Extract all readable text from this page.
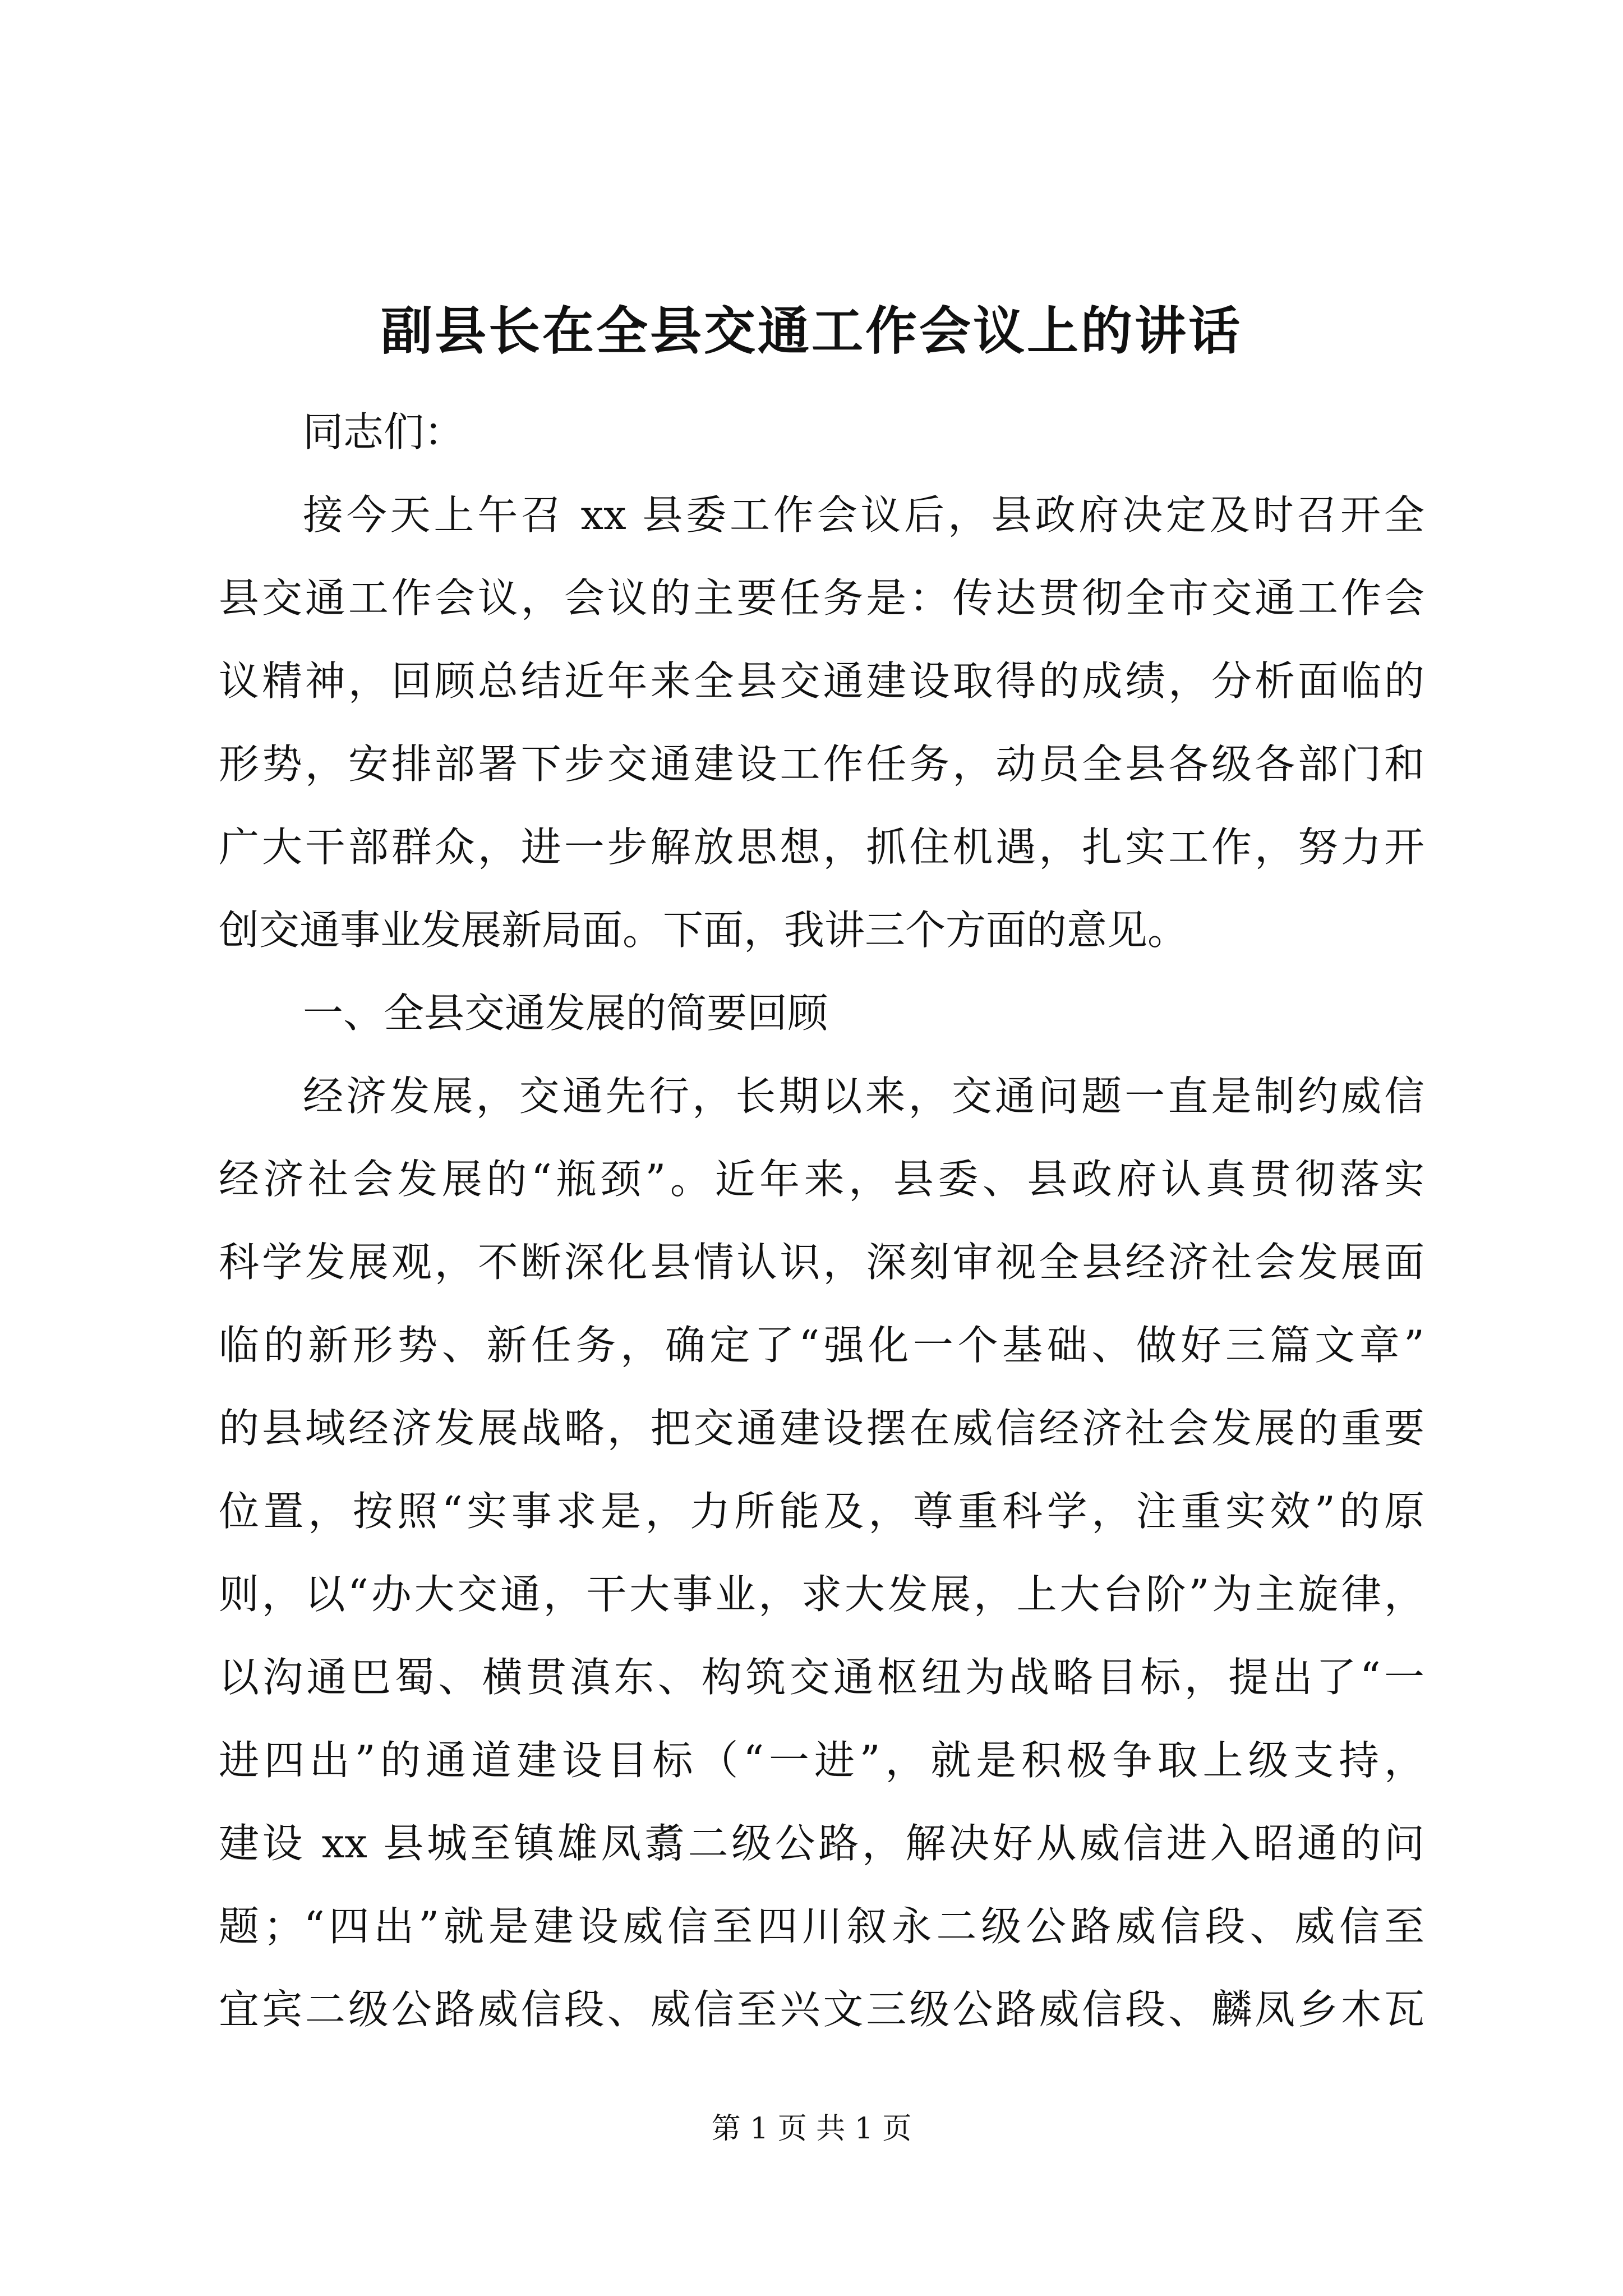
副县长在全县交通工作会议上的讲话
同志们：
接今天上午召 xx 县委工作会议后，县政府决定及时召开全
县交通工作会议，会议的主要任务是：传达贯彻全市交通工作会
议精神，回顾总结近年来全县交通建设取得的成绩，分析面临的
形势，安排部署下步交通建设工作任务，动员全县各级各部门和
广大干部群众，进一步解放思想，抓住机遇，扎实工作，努力开
创交通事业发展新局面。下面，我讲三个方面的意见。
一、全县交通发展的简要回顾
经济发展，交通先行，长期以来，交通问题一直是制约威信
经济社会发展的“瓶颈”。近年来，县委、县政府认真贯彻落实
科学发展观，不断深化县情认识，深刻审视全县经济社会发展面
临的新形势、新任务，确定了“强化一个基础、做好三篇文章”
的县域经济发展战略，把交通建设摆在威信经济社会发展的重要
位置，按照“实事求是，力所能及，尊重科学，注重实效”的原
则，以“办大交通，干大事业，求大发展，上大台阶”为主旋律，
以沟通巴蜀、横贯滇东、构筑交通枢纽为战略目标，提出了“一
进四出”的通道建设目标（“一进”，就是积极争取上级支持，
建设 xx 县城至镇雄凤翥二级公路，解决好从威信进入昭通的问
题；“四出”就是建设威信至四川叙永二级公路威信段、威信至
宜宾二级公路威信段、威信至兴文三级公路威信段、麟凤乡木瓦
第 1 页 共 1 页
